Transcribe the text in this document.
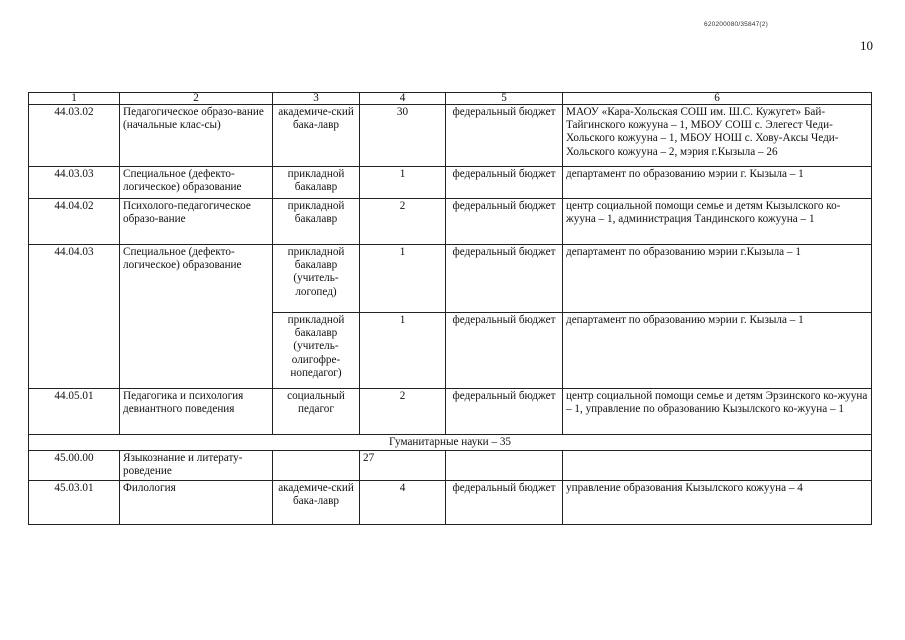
620200080/35847(2)
10
1	2	3	4	5	6
44.03.02	Педагогическое образо-вание (начальные клас-сы)	академиче-ский бака-лавр	30	федеральный бюджет	МАОУ «Кара-Хольская СОШ им. Ш.С. Кужугет» Бай-Тайгинского кожууна – 1, МБОУ СОШ с. Элегест Чеди-Хольского кожууна – 1, МБОУ НОШ с. Хову-Аксы Чеди-Хольского кожууна – 2, мэрия г.Кызыла – 26
44.03.03	Специальное (дефекто-логическое) образование	прикладной бакалавр	1	федеральный бюджет	департамент по образованию мэрии г. Кызыла – 1
44.04.02	Психолого-педагогическое образо-вание	прикладной бакалавр	2	федеральный бюджет	центр социальной помощи семье и детям Кызылского ко-жууна – 1, администрация Тандинского кожууна – 1
44.04.03	Специальное (дефекто-логическое) образование	прикладной бакалавр (учитель-логопед)	1	федеральный бюджет	департамент по образованию мэрии г.Кызыла – 1
		прикладной бакалавр (учитель-олигофре-нопедагог)	1	федеральный бюджет	департамент по образованию мэрии г. Кызыла – 1
44.05.01	Педагогика и психология девиантного поведения	социальный педагог	2	федеральный бюджет	центр социальной помощи семье и детям Эрзинского ко-жууна – 1, управление по образованию Кызылского ко-жууна – 1
Гуманитарные науки – 35					
45.00.00	Языкознание и литерату-роведение		27		
45.03.01	Филология	академиче-ский бака-лавр	4	федеральный бюджет	управление образования Кызылского кожууна – 4
